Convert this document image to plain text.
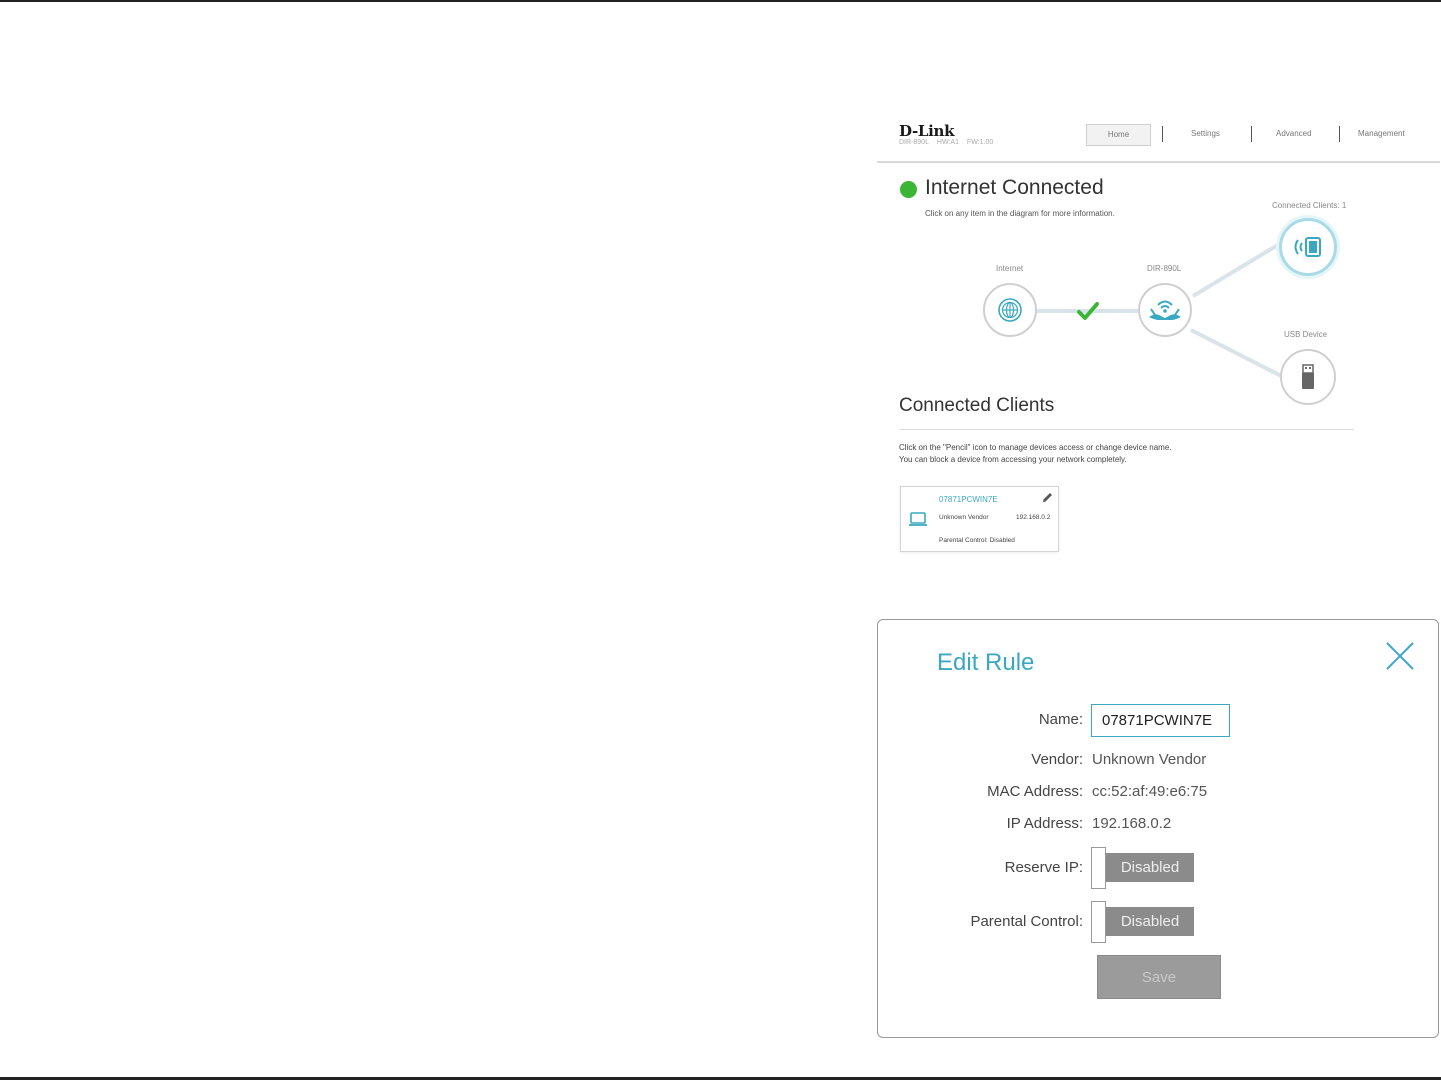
D-Link
DIR-890L HW:A1 FW:1.00
Home	Settings	Advanced	Management
Internet Connected
Click on any item in the diagram for more information.
Internet	DIR-890L
Connected Clients: 1
USB Device
Connected Clients
Click on the "Pencil" icon to manage devices access or change device name.
You can block a device from accessing your network completely.
07871PCWIN7E
Unknown Vendor	192.168.0.2
Parental Control: Disabled
Edit Rule
Name:
07871PCWIN7E
Vendor: Unknown Vendor
MAC Address: cc:52:af:49:e6:75
IP Address: 192.168.0.2
Reserve IP:	Disabled
Parental Control:	Disabled
Save
